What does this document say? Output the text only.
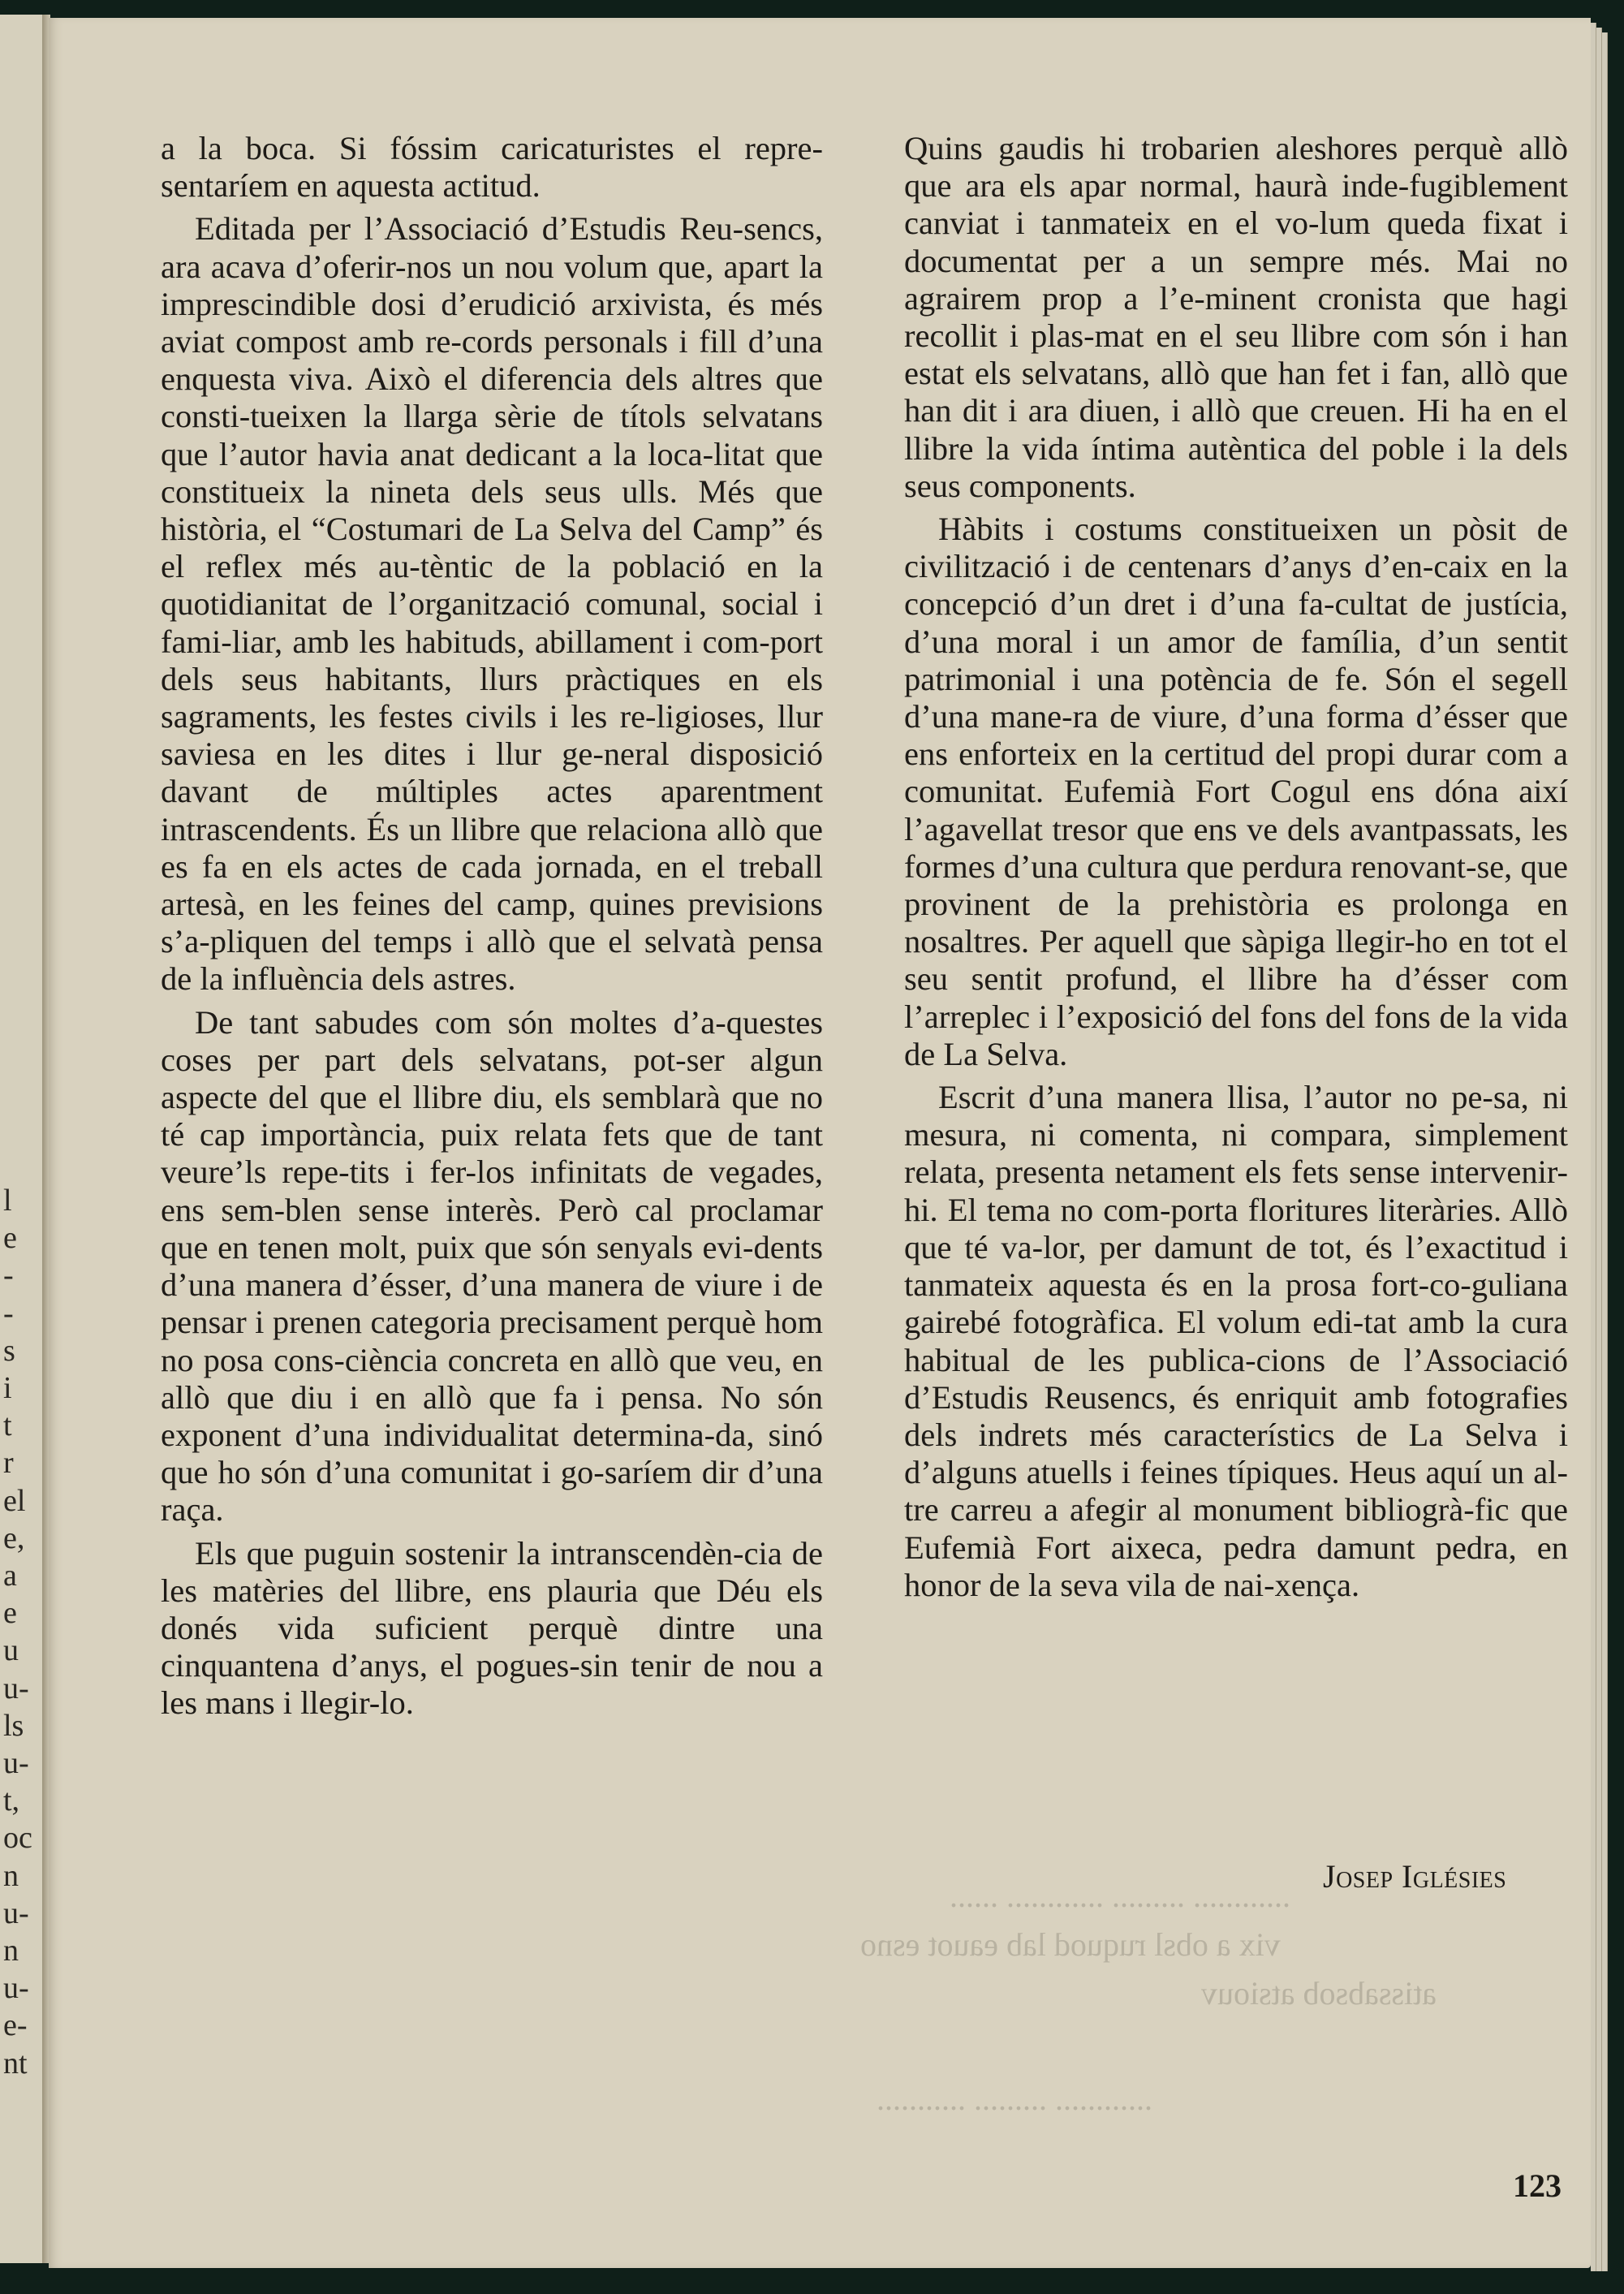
l
e
-
-
s
i
t
r
el
e,
a
e
u
u-
ls
u-
t,
oc
n
u-
n
u-
e-
nt

a la boca. Si fóssim caricaturistes el repre-sentaríem en aquesta actitud.

Editada per l’Associació d’Estudis Reu-sencs, ara acava d’oferir-nos un nou volum que, apart la imprescindible dosi d’erudició arxivista, és més aviat compost amb re-cords personals i fill d’una enquesta viva. Això el diferencia dels altres que consti-tueixen la llarga sèrie de títols selvatans que l’autor havia anat dedicant a la loca-litat que constitueix la nineta dels seus ulls. Més que història, el “Costumari de La Selva del Camp” és el reflex més au-tèntic de la població en la quotidianitat de l’organització comunal, social i fami-liar, amb les habituds, abillament i com-port dels seus habitants, llurs pràctiques en els sagraments, les festes civils i les re-ligioses, llur saviesa en les dites i llur ge-neral disposició davant de múltiples actes aparentment intrascendents. És un llibre que relaciona allò que es fa en els actes de cada jornada, en el treball artesà, en les feines del camp, quines previsions s’a-pliquen del temps i allò que el selvatà pensa de la influència dels astres.

De tant sabudes com són moltes d’a-questes coses per part dels selvatans, pot-ser algun aspecte del que el llibre diu, els semblarà que no té cap importància, puix relata fets que de tant veure’ls repe-tits i fer-los infinitats de vegades, ens sem-blen sense interès. Però cal proclamar que en tenen molt, puix que són senyals evi-dents d’una manera d’ésser, d’una manera de viure i de pensar i prenen categoria precisament perquè hom no posa cons-ciència concreta en allò que veu, en allò que diu i en allò que fa i pensa. No són exponent d’una individualitat determina-da, sinó que ho són d’una comunitat i go-saríem dir d’una raça.

Els que puguin sostenir la intranscendèn-cia de les matèries del llibre, ens plauria que Déu els donés vida suficient perquè dintre una cinquantena d’anys, el pogues-sin tenir de nou a les mans i llegir-lo.

Quins gaudis hi trobarien aleshores perquè allò que ara els apar normal, haurà inde-fugiblement canviat i tanmateix en el vo-lum queda fixat i documentat per a un sempre més. Mai no agrairem prop a l’e-minent cronista que hagi recollit i plas-mat en el seu llibre com són i han estat els selvatans, allò que han fet i fan, allò que han dit i ara diuen, i allò que creuen. Hi ha en el llibre la vida íntima autèntica del poble i la dels seus components.

Hàbits i costums constitueixen un pòsit de civilització i de centenars d’anys d’en-caix en la concepció d’un dret i d’una fa-cultat de justícia, d’una moral i un amor de família, d’un sentit patrimonial i una potència de fe. Són el segell d’una mane-ra de viure, d’una forma d’ésser que ens enforteix en la certitud del propi durar com a comunitat. Eufemià Fort Cogul ens dóna així l’agavellat tresor que ens ve dels avantpassats, les formes d’una cultura que perdura renovant-se, que provinent de la prehistòria es prolonga en nosaltres. Per aquell que sàpiga llegir-ho en tot el seu sentit profund, el llibre ha d’ésser com l’arreplec i l’exposició del fons del fons de la vida de La Selva.

Escrit d’una manera llisa, l’autor no pe-sa, ni mesura, ni comenta, ni compara, simplement relata, presenta netament els fets sense intervenir-hi. El tema no com-porta floritures literàries. Allò que té va-lor, per damunt de tot, és l’exactitud i tanmateix aquesta és en la prosa fort-co-guliana gairebé fotogràfica. El volum edi-tat amb la cura habitual de les publica-cions de l’Associació d’Estudis Reusencs, és enriquit amb fotografies dels indrets més característics de La Selva i d’alguns atuells i feines típiques. Heus aquí un al-tre carreu a afegir al monument bibliogrà-fic que Eufemià Fort aixeca, pedra damunt pedra, en honor de la seva vila de nai-xença.

Josep Iglésies
............ ......... ............ ......
vix a obsl ruquod lab eauot esno
atissabsob atsiouv
............ ......... ...........
123
